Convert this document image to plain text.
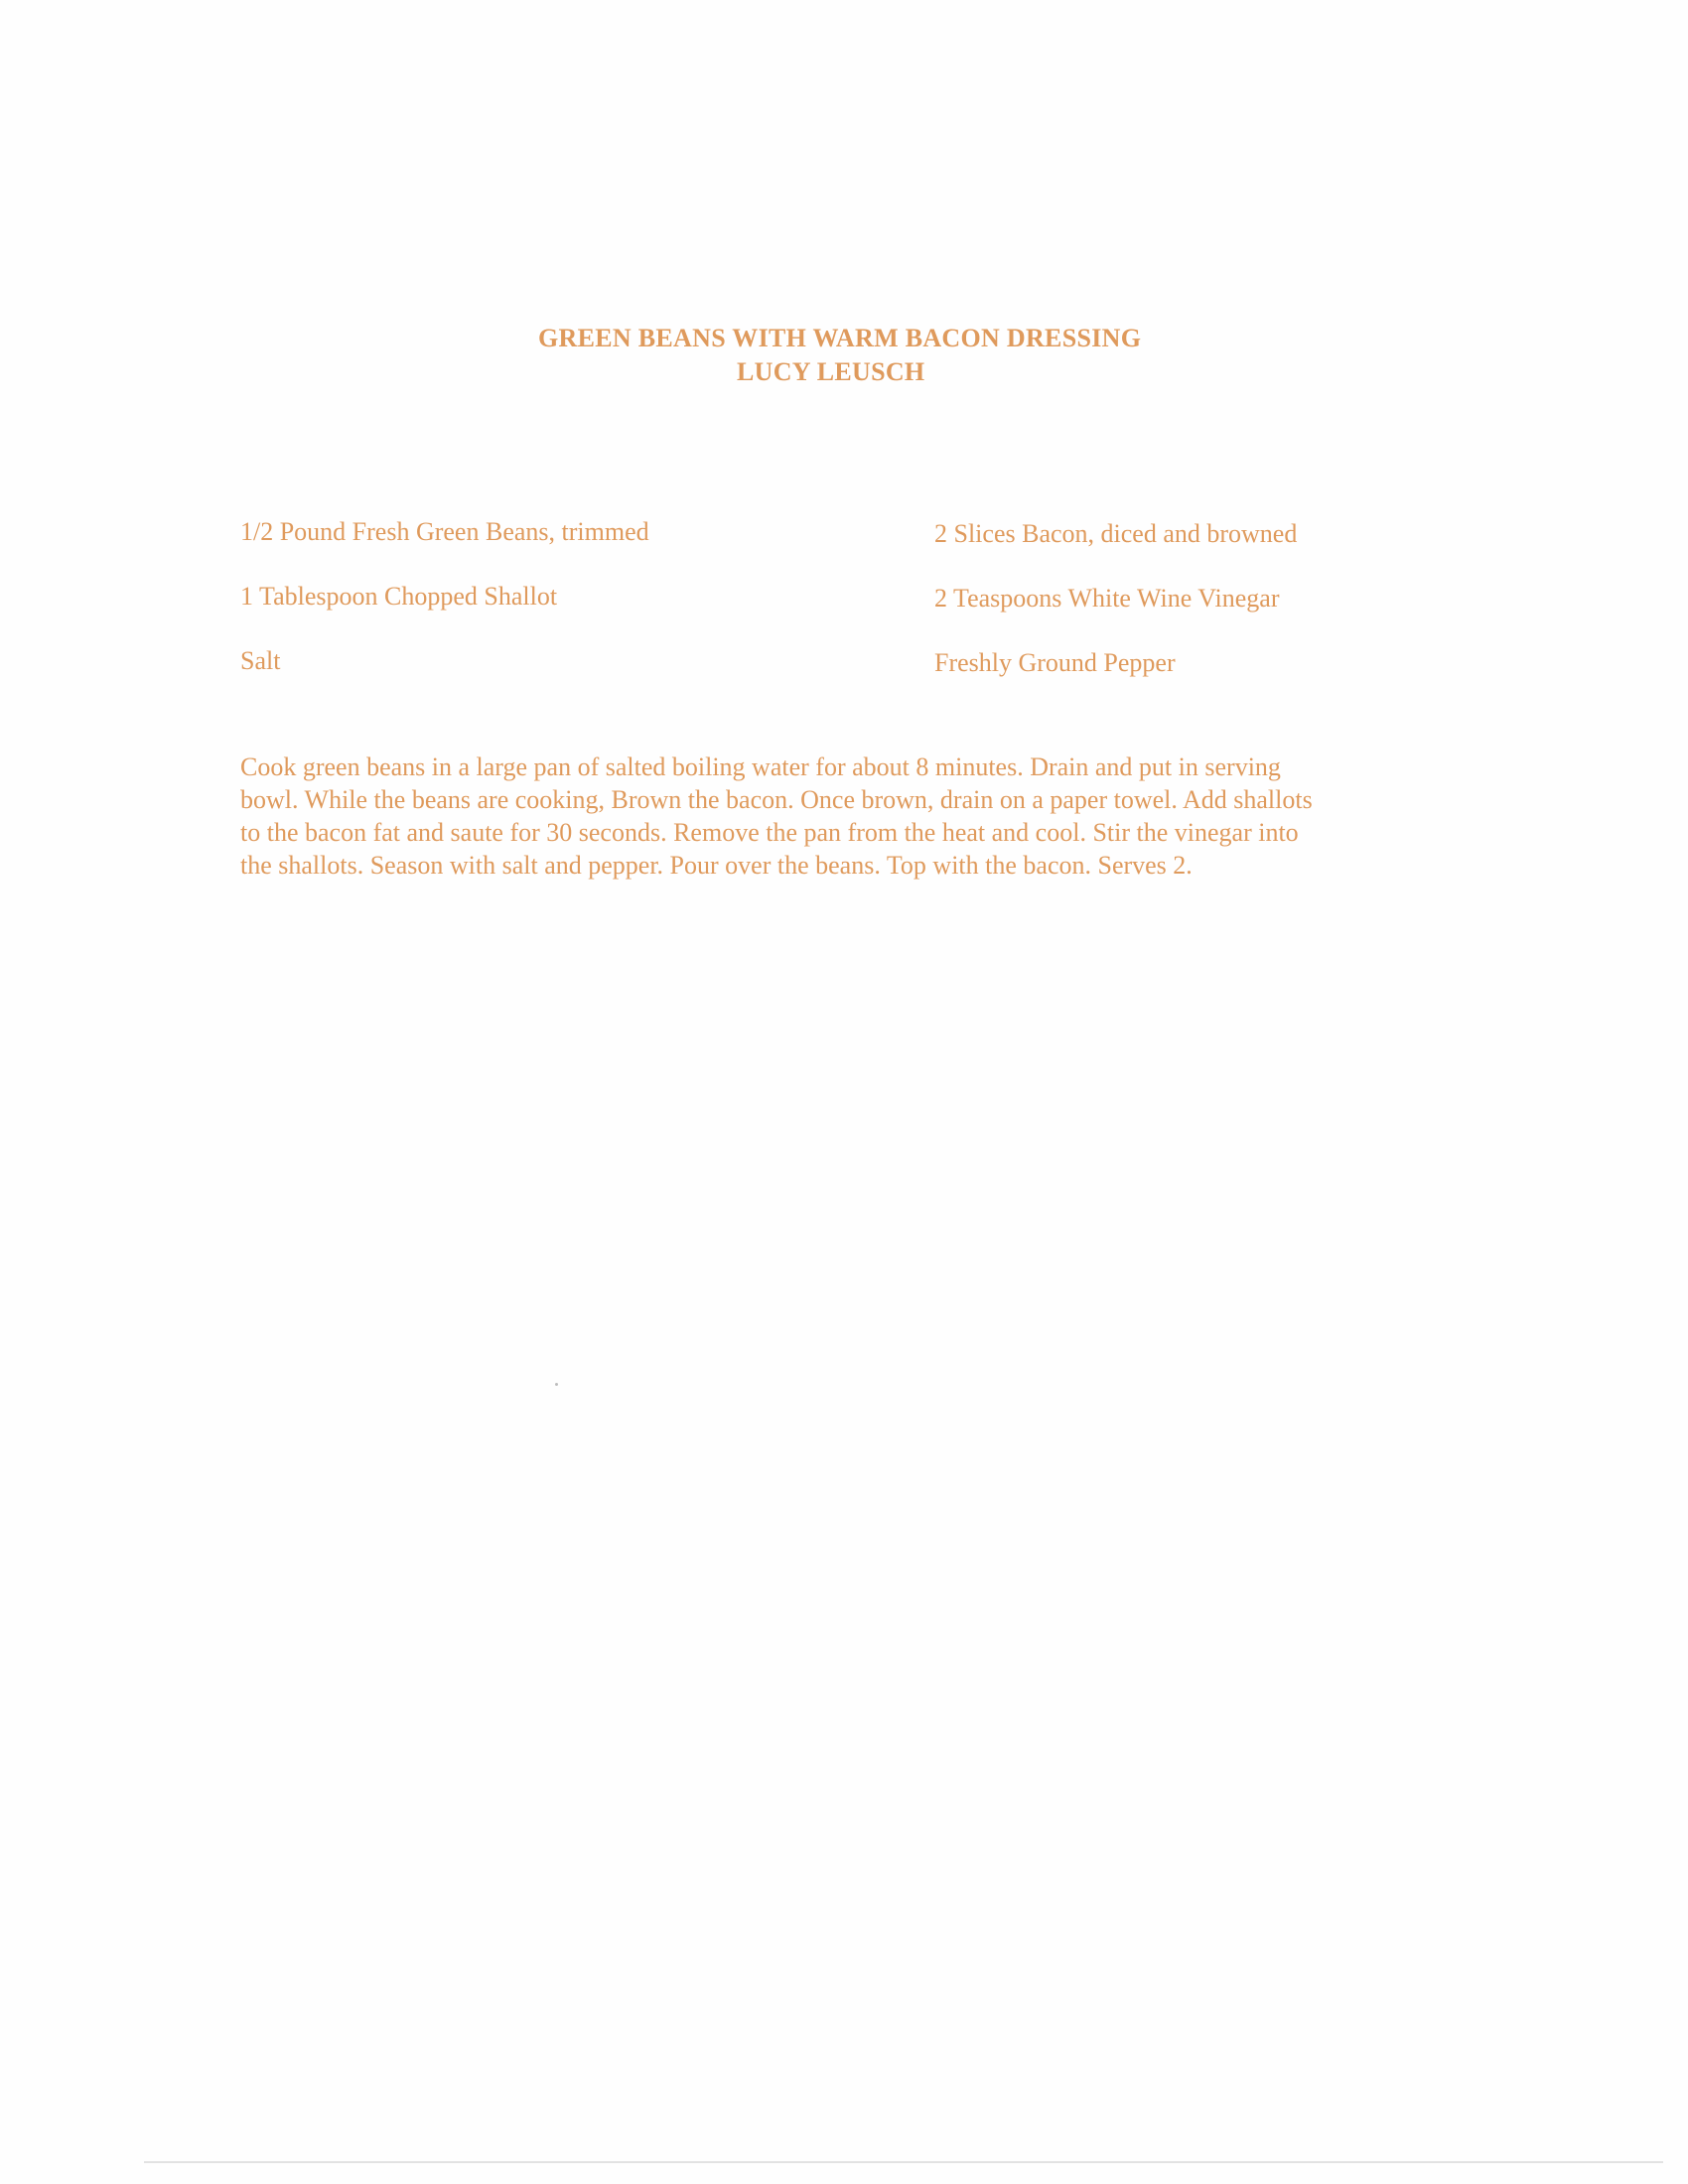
GREEN BEANS WITH WARM BACON DRESSING
LUCY LEUSCH
1/2 Pound Fresh Green Beans, trimmed
1 Tablespoon Chopped Shallot
Salt
2 Slices Bacon, diced and browned
2 Teaspoons White Wine Vinegar
Freshly Ground Pepper
Cook green beans in a large pan of salted boiling water for about 8 minutes. Drain and put in serving
bowl. While the beans are cooking, Brown the bacon. Once brown, drain on a paper towel. Add shallots
to the bacon fat and saute for 30 seconds. Remove the pan from the heat and cool. Stir the vinegar into
the shallots. Season with salt and pepper. Pour over the beans. Top with the bacon. Serves 2.
